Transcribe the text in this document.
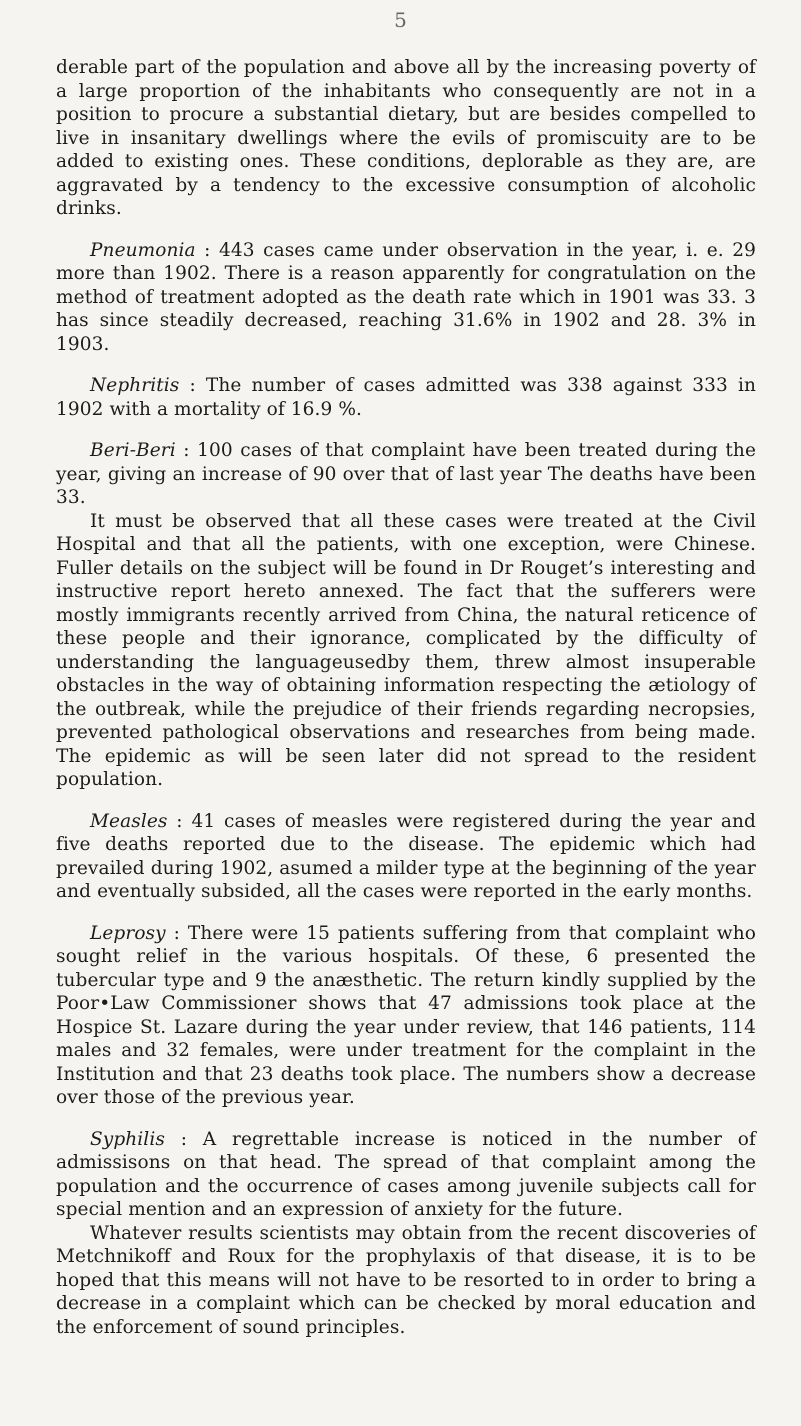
5

derable part of the population and above all by the increasing poverty of a large proportion of the inhabitants who consequently are not in a position to procure a substantial dietary, but are besides compelled to live in insanitary dwellings where the evils of promiscuity are to be added to existing ones. These conditions, deplorable as they are, are aggravated by a tendency to the excessive consumption of alcoholic drinks.

Pneumonia : 443 cases came under observation in the year, i. e. 29 more than 1902. There is a reason apparently for congratulation on the method of treatment adopted as the death rate which in 1901 was 33. 3 has since steadily decreased, reaching 31.6% in 1902 and 28. 3% in 1903.

Nephritis : The number of cases admitted was 338 against 333 in 1902 with a mortality of 16.9 %.

Beri-Beri : 100 cases of that complaint have been treated during the year, giving an increase of 90 over that of last year The deaths have been 33.

It must be observed that all these cases were treated at the Civil Hospital and that all the patients, with one exception, were Chinese. Fuller details on the subject will be found in Dr Rouget’s interesting and instructive report hereto annexed. The fact that the sufferers were mostly immigrants recently arrived from China, the natural reticence of these people and their ignorance, complicated by the difficulty of understanding the languageusedby them, threw almost insuperable obstacles in the way of obtaining information respecting the ætiology of the outbreak, while the prejudice of their friends regarding necropsies, prevented pathological observations and researches from being made. The epidemic as will be seen later did not spread to the resident population.

Measles : 41 cases of measles were registered during the year and five deaths reported due to the disease. The epidemic which had prevailed during 1902, asumed a milder type at the beginning of the year and eventually subsided, all the cases were reported in the early months.

Leprosy : There were 15 patients suffering from that complaint who sought relief in the various hospitals. Of these, 6 presented the tubercular type and 9 the anæsthetic. The return kindly supplied by the Poor•Law Commissioner shows that 47 admissions took place at the Hospice St. Lazare during the year under review, that 146 patients, 114 males and 32 females, were under treatment for the complaint in the Institution and that 23 deaths took place. The numbers show a decrease over those of the previous year.

Syphilis : A regrettable increase is noticed in the number of admissisons on that head. The spread of that complaint among the population and the occurrence of cases among juvenile subjects call for special mention and an expression of anxiety for the future.

Whatever results scientists may obtain from the recent discoveries of Metchnikoff and Roux for the prophylaxis of that disease, it is to be hoped that this means will not have to be resorted to in order to bring a decrease in a complaint which can be checked by moral education and the enforcement of sound principles.
